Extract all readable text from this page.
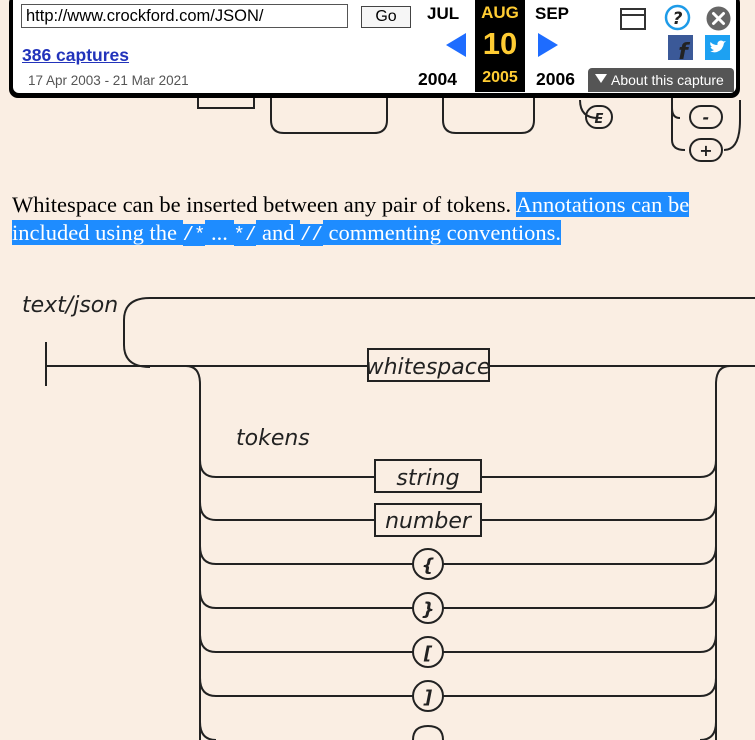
E	-
+
Whitespace can be inserted between any pair of tokens. Annotations can be included using the /* ... */ and // commenting conventions.
text/json
whitespace
tokens
string
number
{
}
[
]
http://www.crockford.com/JSON/
Go
386 captures
17 Apr 2003 - 21 Mar 2021
JUL	AUG
10
2005
SEP
2004	2006
?
f
About this capture
